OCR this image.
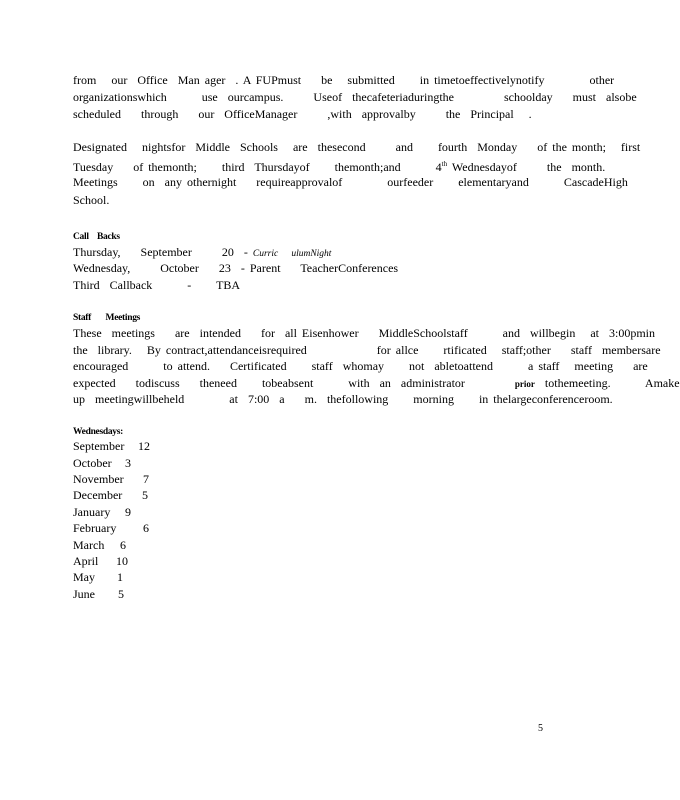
from   our  Office  Man ager  . A FUPmust    be   submitted     in timetoeffectivelynotify         other
organizationswhich       use  ourcampus.      Useof  thecafeteriaduringthe          schoolday    must  alsobe
scheduled    through    our  OfficeManager      ,with  approvalby      the  Principal   .
Designated   nightsfor  Middle  Schools   are  thesecond      and     fourth  Monday    of the month;   first
Tuesday    of themonth;     third  Thursdayof     themonth;and       4th Wednesdayof      the  month.
Meetings     on  any othernight    requireapprovalof         ourfeeder     elementaryand       CascadeHigh
School.
Call    Backs
Thursday,    September      20  - Curric   ulumNight
Wednesday,      October    23  - Parent    TeacherConferences
Third  Callback       -     TBA
Staff       Meetings
These  meetings    are  intended    for  all Eisenhower    MiddleSchoolstaff       and  willbegin   at  3:00pmin
the  library.   By contract,attendanceisrequired              for allce     rtificated   staff;other    staff  membersare
encouraged       to attend.    Certificated     staff  whomay     not  abletoattend       a staff   meeting    are
expected    todiscuss    theneed     tobeabsent       with  an  administrator          prior  tothemeeting.       Amake
up  meetingwillbeheld         at  7:00  a    m.  thefollowing     morning     in thelargeconferenceroom.
Wednesdays:
September 12
October 3
November 7
December 5
January 9
February 6
March 6
April 10
May 1
June 5
5
